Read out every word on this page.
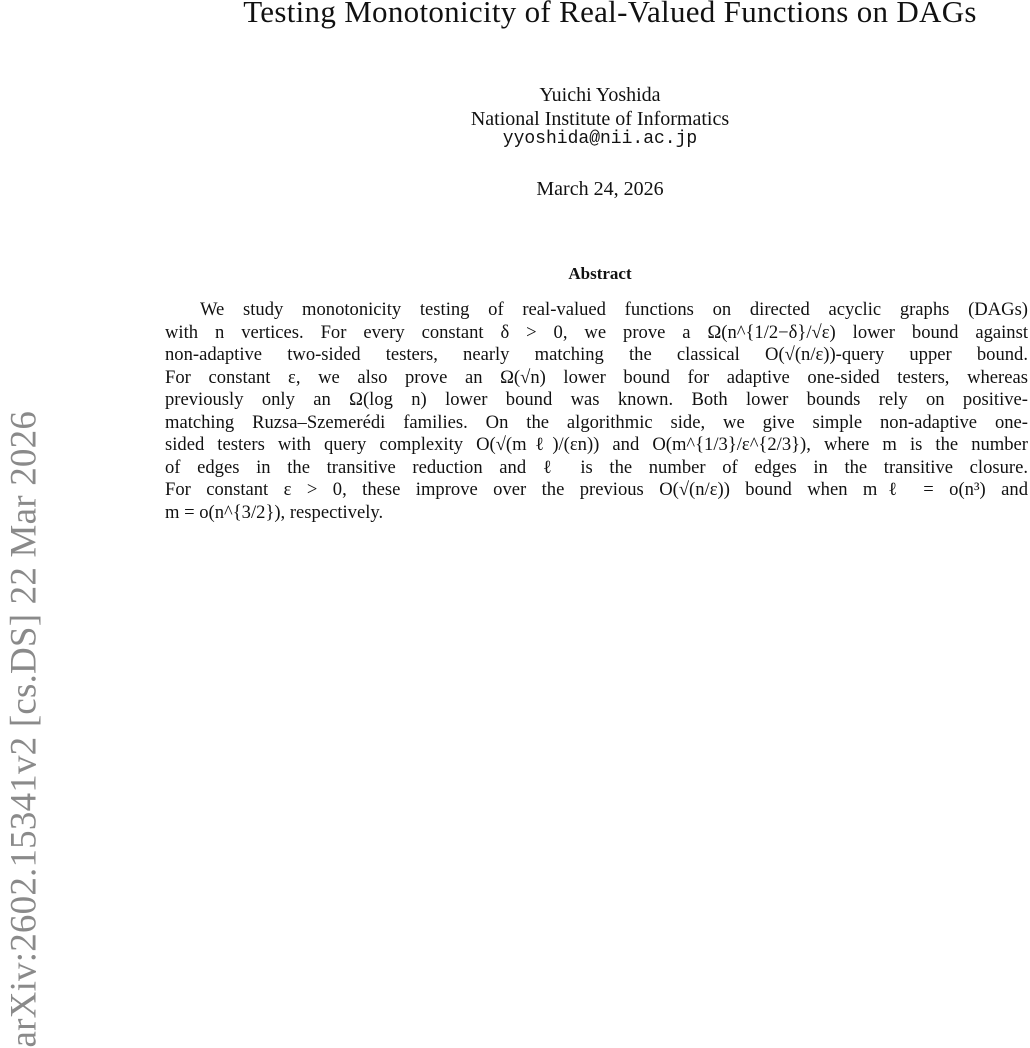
Testing Monotonicity of Real-Valued Functions on DAGs
Yuichi Yoshida
National Institute of Informatics
yyoshida@nii.ac.jp
March 24, 2026
Abstract
We study monotonicity testing of real-valued functions on directed acyclic graphs (DAGs)
with n vertices. For every constant δ > 0, we prove a Ω(n^{1/2−δ}/√ε) lower bound against
non-adaptive two-sided testers, nearly matching the classical O(√(n/ε))-query upper bound.
For constant ε, we also prove an Ω(√n) lower bound for adaptive one-sided testers, whereas
previously only an Ω(log n) lower bound was known. Both lower bounds rely on positive-
matching Ruzsa–Szemerédi families. On the algorithmic side, we give simple non-adaptive one-
sided testers with query complexity O(√(mℓ)/(εn)) and O(m^{1/3}/ε^{2/3}), where m is the number
of edges in the transitive reduction and ℓ is the number of edges in the transitive closure.
For constant ε > 0, these improve over the previous O(√(n/ε)) bound when mℓ = o(n³) and
m = o(n^{3/2}), respectively.
arXiv:2602.15341v2 [cs.DS] 22 Mar 2026
